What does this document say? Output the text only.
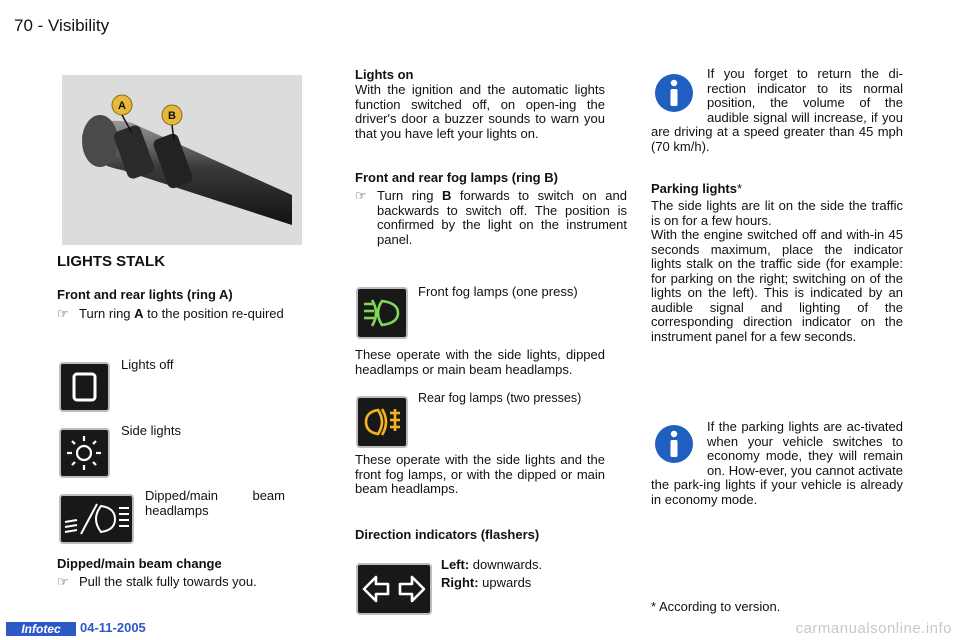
70 - Visibility
A
B
LIGHTS STALK
Front and rear lights (ring A)
☞ Turn ring A to the position re-quired
Lights off
Side lights
Dipped/main beam headlamps
Dipped/main beam change
☞ Pull the stalk fully towards you.
Lights on
With the ignition and the automatic lights function switched off, on open-ing the driver's door a buzzer sounds to warn you that you have left your lights on.
Front and rear fog lamps (ring B)
☞ Turn ring B forwards to switch on and backwards to switch off. The position is confirmed by the light on the instrument panel.
Front fog lamps (one press)
These operate with the side lights, dipped headlamps or main beam headlamps.
Rear fog lamps (two presses)
These operate with the side lights and the front fog lamps, or with the dipped or main beam headlamps.
Direction indicators (flashers)
Left: downwards.
Right: upwards
If you forget to return the di-rection indicator to its normal position, the volume of the audible signal will increase, if you are driving at a speed greater than 45 mph (70 km/h).
Parking lights*
The side lights are lit on the side the traffic is on for a few hours.
With the engine switched off and with-in 45 seconds maximum, place the indicator lights stalk on the traffic side (for example: for parking on the right; switching on of the lights on the left). This is indicated by an audible signal and lighting of the corresponding direction indicator on the instrument panel for a few seconds.
If the parking lights are ac-tivated when your vehicle switches to economy mode, they will remain on. How-ever, you cannot activate the park-ing lights if your vehicle is already in economy mode.
* According to version.
Infotec	04-11-2005	carmanualsonline.info
